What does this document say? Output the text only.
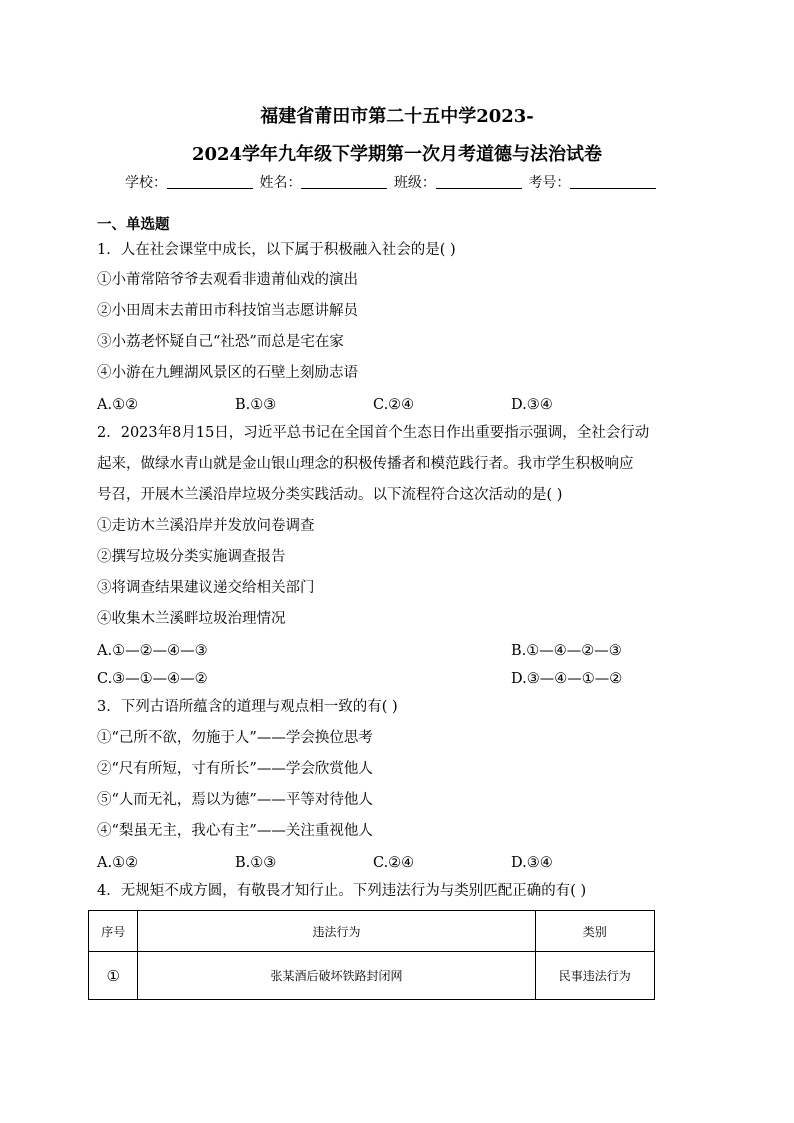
福建省莆田市第二十五中学2023-
2024学年九年级下学期第一次月考道德与法治试卷
学校：	姓名：	班级：	考号：
一、单选题
1．人在社会课堂中成长，以下属于积极融入社会的是( )
①小莆常陪爷爷去观看非遗莆仙戏的演出
②小田周末去莆田市科技馆当志愿讲解员
③小荔老怀疑自己“社恐”而总是宅在家
④小游在九鲤湖风景区的石壁上刻励志语
A.①②	B.①③	C.②④	D.③④
2．2023年8月15日，习近平总书记在全国首个生态日作出重要指示强调，全社会行动
起来，做绿水青山就是金山银山理念的积极传播者和模范践行者。我市学生积极响应
号召，开展木兰溪沿岸垃圾分类实践活动。以下流程符合这次活动的是( )
①走访木兰溪沿岸并发放问卷调查
②撰写垃圾分类实施调查报告
③将调查结果建议递交给相关部门
④收集木兰溪畔垃圾治理情况
A.①—②—④—③	B.①—④—②—③
C.③—①—④—②	D.③—④—①—②
3．下列古语所蕴含的道理与观点相一致的有( )
①“己所不欲，勿施于人”——学会换位思考
②“尺有所短，寸有所长”——学会欣赏他人
⑤“人而无礼，焉以为德”——平等对待他人
④“梨虽无主，我心有主”——关注重视他人
A.①②	B.①③	C.②④	D.③④
4．无规矩不成方圆，有敬畏才知行止。下列违法行为与类别匹配正确的有( )
序号	违法行为	类别
①	张某酒后破坏铁路封闭网	民事违法行为
